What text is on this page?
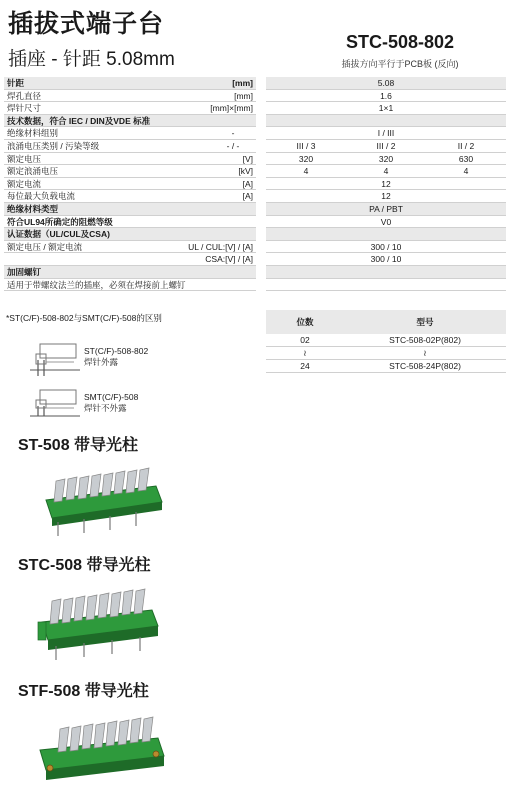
插拔式端子台
插座 - 针距 5.08mm
STC-508-802
插拔方向平行于PCB板 (反向)
针距	[mm]	5.08
焊孔直径	[mm]	1.6
焊针尺寸	[mm]×[mm]	1×1
技术数据，符合 IEC / DIN及VDE 标准
绝缘材料组别	-	I / III
浪涌电压类别 / 污染等级	- / -	III / 3	III / 2	II / 2
额定电压	[V]	320	320	630
额定浪涌电压	[kV]	4	4	4
额定电流	[A]	12
每位最大负载电流	[A]	12
绝缘材料类型	PA / PBT
符合UL94所确定的阻燃等级	V0
认证数据（UL/CUL及CSA)
额定电压 / 额定电流	UL / CUL:[V] / [A]	300 / 10
CSA:[V] / [A]	300 / 10
加固螺钉
适用于带螺纹法兰的插座，必须在焊接前上螺钉
*ST(C/F)-508-802与SMT(C/F)-508的区别	位数	型号
02	STC-508-02P(802)
≀	≀
24	STC-508-24P(802)
ST(C/F)-508-802
焊针外露
SMT(C/F)-508
焊针不外露
ST-508 带导光柱
STC-508 带导光柱
STF-508 带导光柱
